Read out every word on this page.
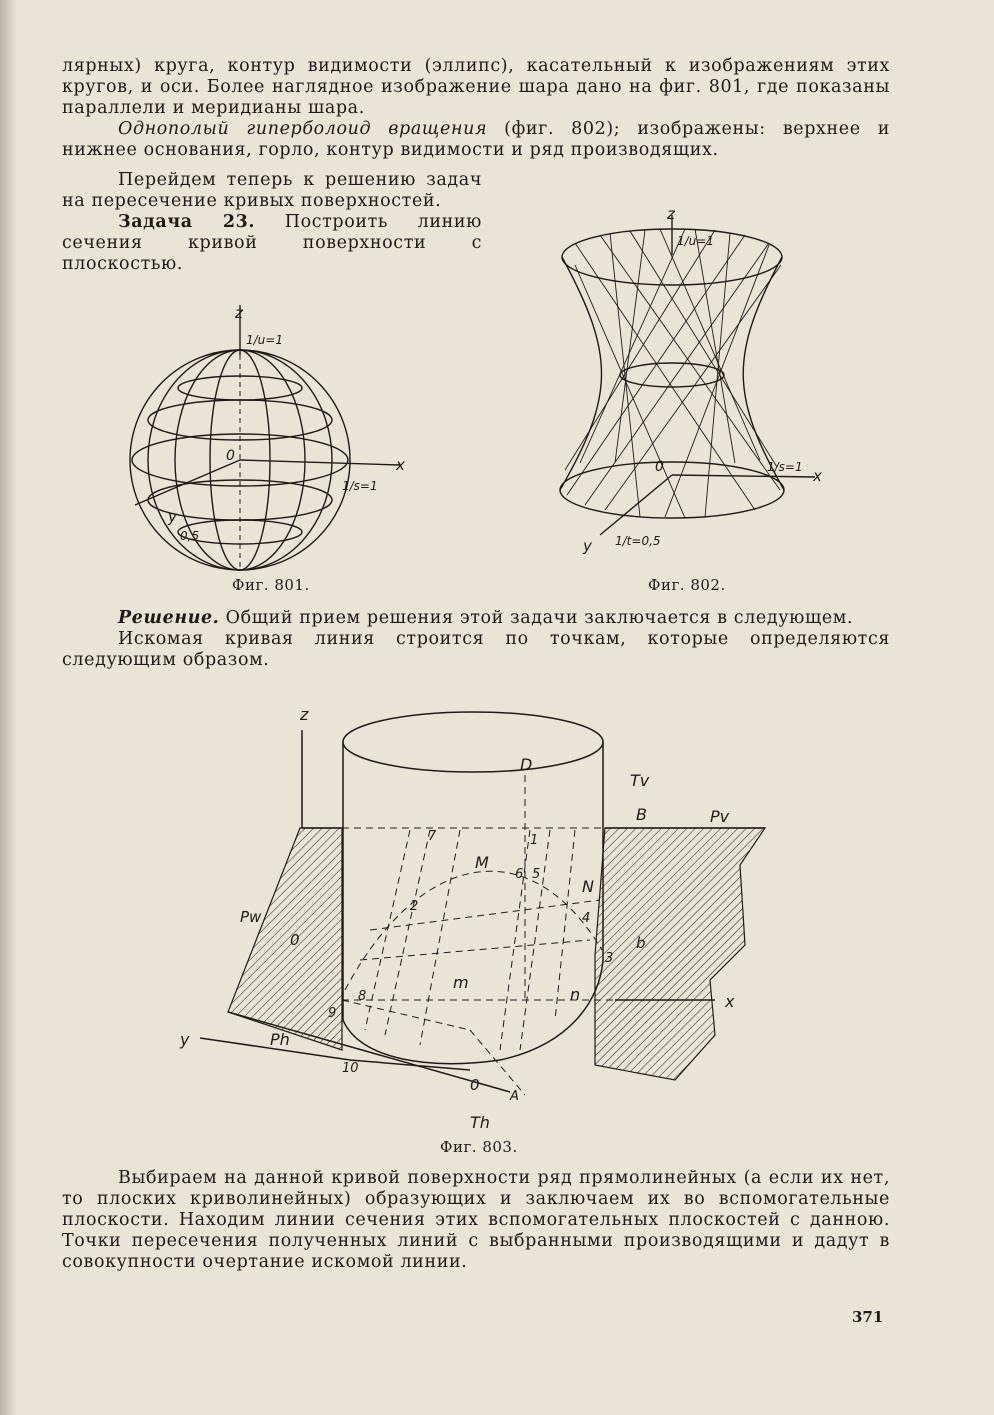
лярных) круга, контур видимости (эллипс), касательный к изображениям этих кругов, и оси. Более наглядное изображение шара дано на фиг. 801, где показаны параллели и меридианы шара.

Однополый гиперболоид вращения (фиг. 802); изображены: верхнее и нижнее основания, горло, контур видимости и ряд производящих.

Перейдем теперь к решению задач на пересечение кривых поверхностей.

Задача 23. Построить линию сечения кривой поверхности с плоскостью.

z
1/u=1
x
1/s=1
0
y
0,5
Фиг. 801.
z
1/u=1
x
1/s=1
0
y 1/t=0,5
Фиг. 802.

Решение. Общий прием решения этой задачи заключается в следующем.

Искомая кривая линия строится по точкам, которые определяются следующим образом.

z
D
Tv
B	Pv
Pw
0
y	Ph
M
N
m
n	x
b
0
A
Th
7	1
2
3
4
5
6
8
9
10
Фиг. 803.

Выбираем на данной кривой поверхности ряд прямолинейных (а если их нет, то плоских криволинейных) образующих и заключаем их во вспомогательные плоскости. Находим линии сечения этих вспомогательных плоскостей с данною. Точки пересечения полученных линий с выбранными производящими и дадут в совокупности очертание искомой линии.

371
